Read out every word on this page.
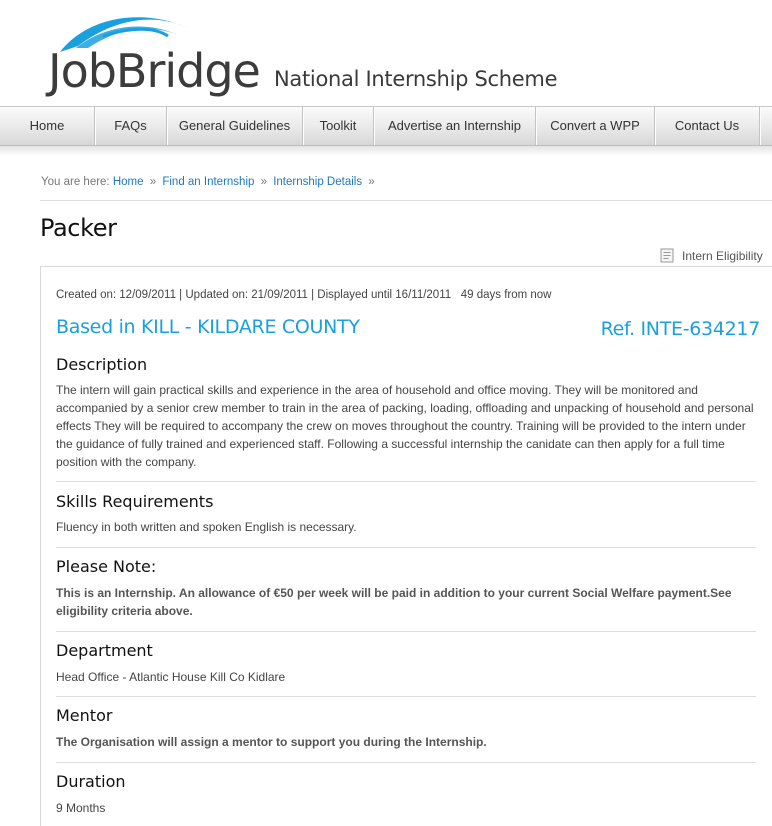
JobBridge National Internship Scheme
Home	FAQs	General Guidelines	Toolkit	Advertise an Internship	Convert a WPP	Contact Us
You are here: Home » Find an Internship » Internship Details »
Packer
Intern Eligibility
Created on: 12/09/2011 | Updated on: 21/09/2011 | Displayed until 16/11/2011   49 days from now
Based in KILL - KILDARE COUNTY	Ref. INTE-634217
Description
The intern will gain practical skills and experience in the area of household and office moving. They will be monitored and accompanied by a senior crew member to train in the area of packing, loading, offloading and unpacking of household and personal effects They will be required to accompany the crew on moves throughout the country. Training will be provided to the intern under the guidance of fully trained and experienced staff. Following a successful internship the canidate can then apply for a full time position with the company.
Skills Requirements
Fluency in both written and spoken English is necessary.
Please Note:
This is an Internship. An allowance of €50 per week will be paid in addition to your current Social Welfare payment.See eligibility criteria above.
Department
Head Office - Atlantic House Kill Co Kidlare
Mentor
The Organisation will assign a mentor to support you during the Internship.
Duration
9 Months
